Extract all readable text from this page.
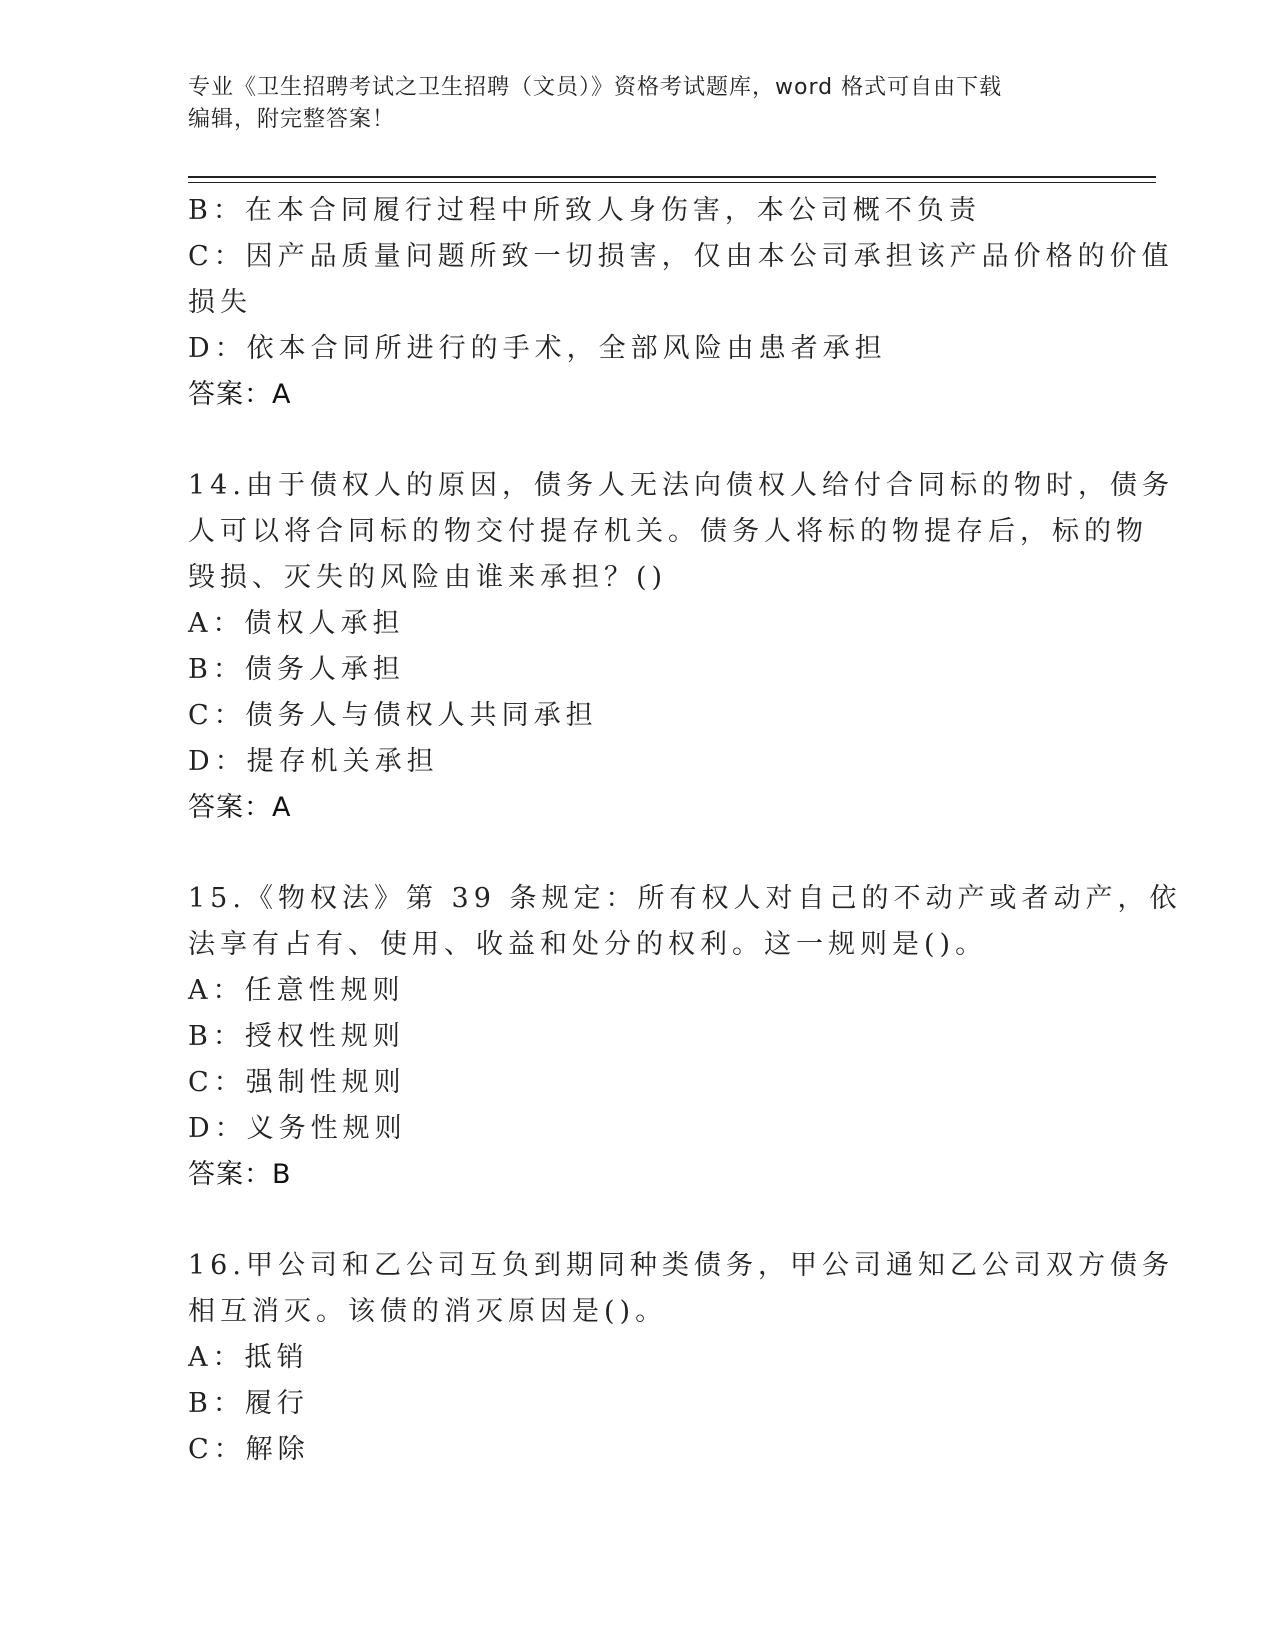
专业《卫生招聘考试之卫生招聘（文员）》资格考试题库，word 格式可自由下载
编辑，附完整答案！
B：在本合同履行过程中所致人身伤害，本公司概不负责
C：因产品质量问题所致一切损害，仅由本公司承担该产品价格的价值
损失
D：依本合同所进行的手术，全部风险由患者承担
答案：A
14.由于债权人的原因，债务人无法向债权人给付合同标的物时，债务
人可以将合同标的物交付提存机关。债务人将标的物提存后，标的物
毁损、灭失的风险由谁来承担？()
A：债权人承担
B：债务人承担
C：债务人与债权人共同承担
D：提存机关承担
答案：A
15.《物权法》第 39 条规定：所有权人对自己的不动产或者动产，依
法享有占有、使用、收益和处分的权利。这一规则是()。
A：任意性规则
B：授权性规则
C：强制性规则
D：义务性规则
答案：B
16.甲公司和乙公司互负到期同种类债务，甲公司通知乙公司双方债务
相互消灭。该债的消灭原因是()。
A：抵销
B：履行
C：解除
